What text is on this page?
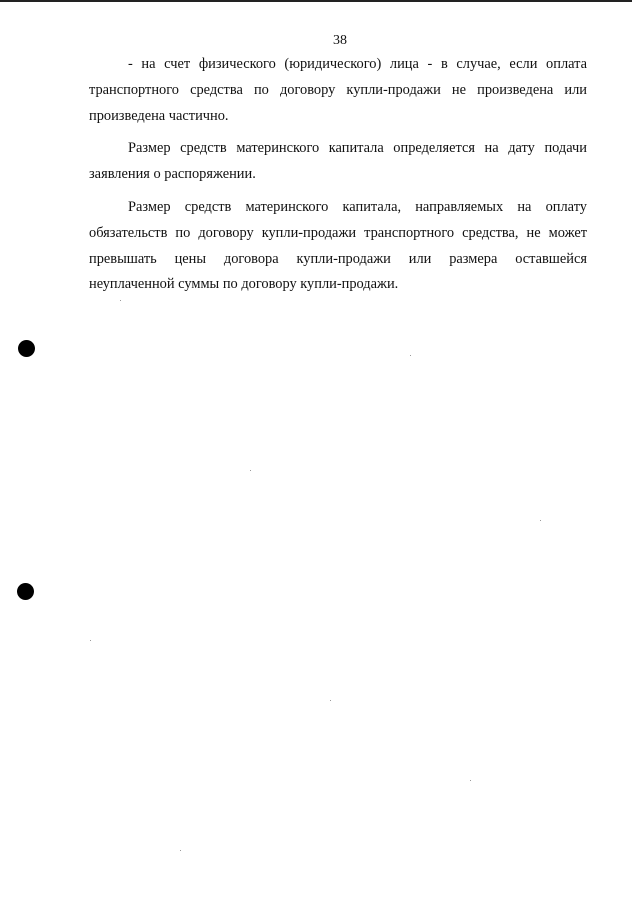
38

- на счет физического (юридического) лица - в случае, если оплата транспортного средства по договору купли-продажи не произведена или произведена частично.

Размер средств материнского капитала определяется на дату подачи заявления о распоряжении.

Размер средств материнского капитала, направляемых на оплату обязательств по договору купли-продажи транспортного средства, не может превышать цены договора купли-продажи или размера оставшейся неуплаченной суммы по договору купли-продажи.
